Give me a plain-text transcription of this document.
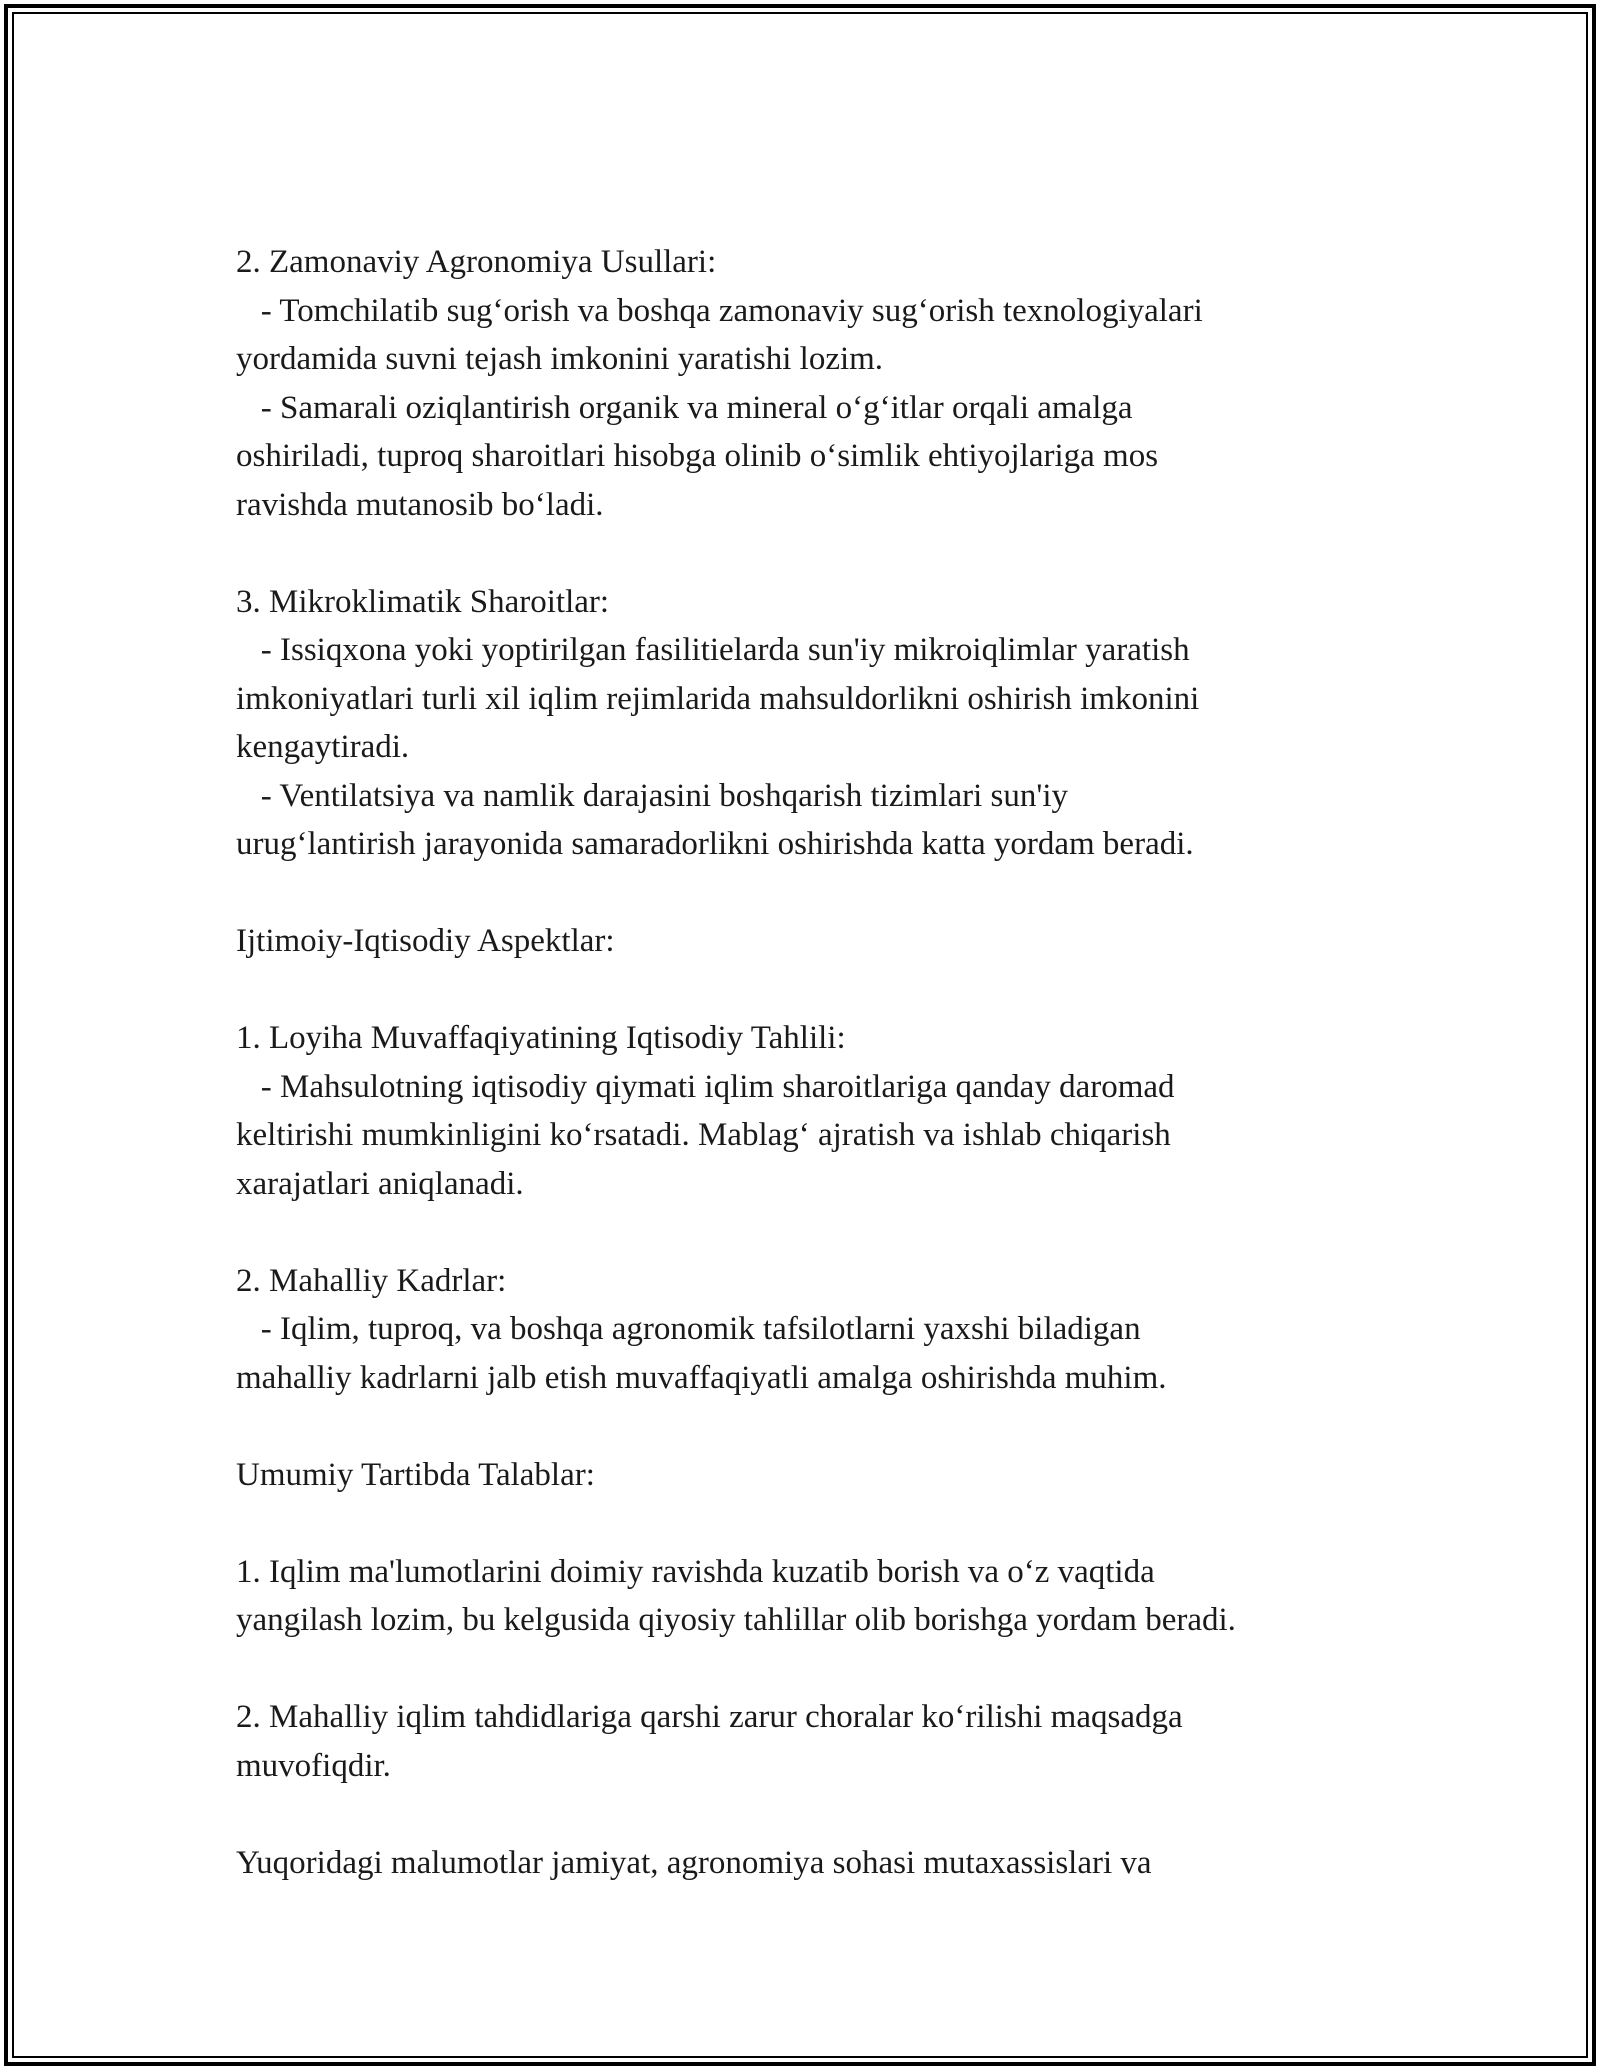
2. Zamonaviy Agronomiya Usullari:
- Tomchilatib sug‘orish va boshqa zamonaviy sug‘orish texnologiyalari
yordamida suvni tejash imkonini yaratishi lozim.
- Samarali oziqlantirish organik va mineral o‘g‘itlar orqali amalga
oshiriladi, tuproq sharoitlari hisobga olinib o‘simlik ehtiyojlariga mos
ravishda mutanosib bo‘ladi.
3. Mikroklimatik Sharoitlar:
- Issiqxona yoki yoptirilgan fasilitielarda sun'iy mikroiqlimlar yaratish
imkoniyatlari turli xil iqlim rejimlarida mahsuldorlikni oshirish imkonini
kengaytiradi.
- Ventilatsiya va namlik darajasini boshqarish tizimlari sun'iy
urug‘lantirish jarayonida samaradorlikni oshirishda katta yordam beradi.
Ijtimoiy-Iqtisodiy Aspektlar:
1. Loyiha Muvaffaqiyatining Iqtisodiy Tahlili:
- Mahsulotning iqtisodiy qiymati iqlim sharoitlariga qanday daromad
keltirishi mumkinligini ko‘rsatadi. Mablag‘ ajratish va ishlab chiqarish
xarajatlari aniqlanadi.
2. Mahalliy Kadrlar:
- Iqlim, tuproq, va boshqa agronomik tafsilotlarni yaxshi biladigan
mahalliy kadrlarni jalb etish muvaffaqiyatli amalga oshirishda muhim.
Umumiy Tartibda Talablar:
1. Iqlim ma'lumotlarini doimiy ravishda kuzatib borish va o‘z vaqtida
yangilash lozim, bu kelgusida qiyosiy tahlillar olib borishga yordam beradi.
2. Mahalliy iqlim tahdidlariga qarshi zarur choralar ko‘rilishi maqsadga
muvofiqdir.
Yuqoridagi malumotlar jamiyat, agronomiya sohasi mutaxassislari va
